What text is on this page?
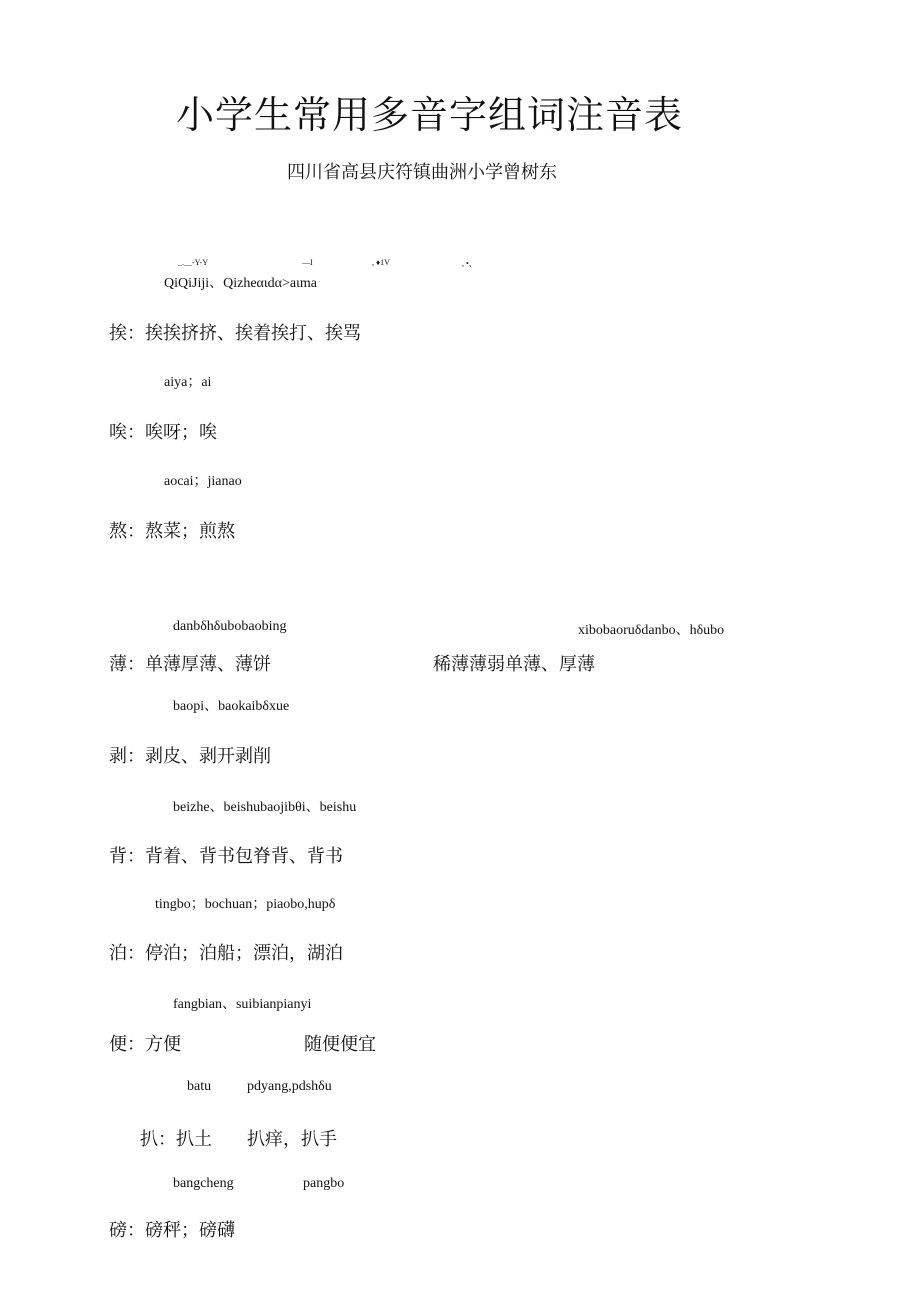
小学生常用多音字组词注音表
四川省高县庆符镇曲洲小学曾树东
_.__-Y-Y	—I	, ♦1V	, •、
QiQiJiji、Qizheαιdα>aιma
挨：挨挨挤挤、挨着挨打、挨骂
aiya；ai
唉：唉呀；唉
aocai；jianao
熬：熬菜；煎熬
danbδhδubobaobing	xibobaoruδdanbo、hδubo
薄：单薄厚薄、薄饼	稀薄薄弱单薄、厚薄
baopi、baokaibδxue
剥：剥皮、剥开剥削
beizhe、beishubaojibθi、beishu
背：背着、背书包脊背、背书
tingbo；bochuan；piaobo,hupδ
泊：停泊；泊船；漂泊，湖泊
fangbian、suibianpianyi
便：方便	随便便宜
batu	pdyang,pdshδu
扒：扒土 扒痒，扒手
bangcheng	pangbo
磅：磅秤；磅礴
